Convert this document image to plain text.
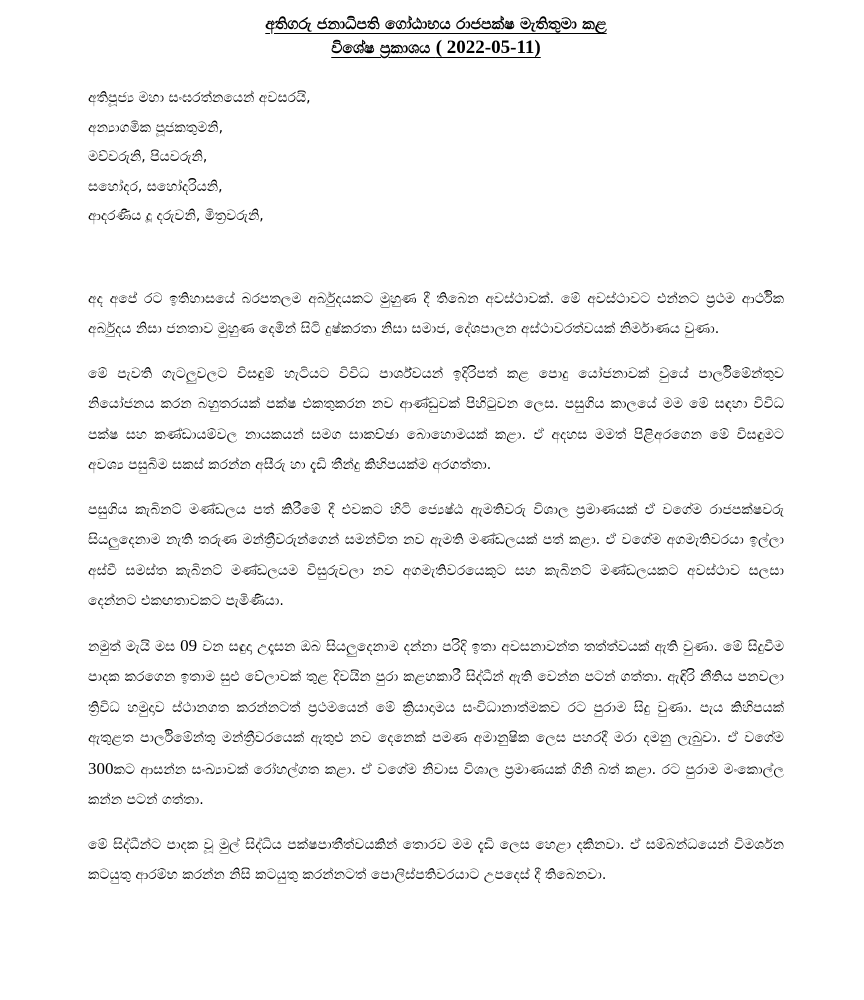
අතිගරු ජනාධිපති ගෝඨාභය රාජපක්ෂ මැතිතුමා කළ
විශේෂ ප්‍රකාශය ( 2022-05-11)
අතිපූජ්‍ය මහා සංඝරත්නයෙන් අවසරයි,
අන්‍යාගමික පූජකතුමනි,
මව්වරුනි, පියවරුනි,
සහෝදර, සහෝදරියනි,
ආදරණීය දූ දරුවනි, මිත්‍රවරුනි,

අද අපේ රට ඉතිහාසයේ බරපතලම අර්බුදයකට මුහුණ දී තිබෙන අවස්ථාවක්. මේ අවස්ථාවට එන්නට ප්‍රථම ආර්ථික අර්බුදය නිසා ජනතාව මුහුණ දෙමින් සිටි දුෂ්කරතා නිසා සමාජ, දේශපාලන අස්ථාවරත්වයක් නිර්මාණය වුණා.

මේ පැවති ගැටලුවලට විසඳුම් හැටියට විවිධ පාර්ශ්වයන් ඉදිරිපත් කළ පොදු යෝජනාවක් වුයේ පාර්ලිමේන්තුව නියෝජනය කරන බහුතරයක් පක්ෂ එකතුකරන නව ආණ්ඩුවක් පිහිටුවන ලෙස. පසුගිය කාලයේ මම මේ සඳහා විවිධ පක්ෂ සහ කණ්ඩායම්වල නායකයන් සමග සාකච්ඡා බොහොමයක් කළා. ඒ අදහස මමත් පිළිඅරගෙන මේ විසඳුමට අවශ්‍ය පසුබිම සකස් කරන්න අසීරු හා දැඩි තීන්දු කිහිපයක්ම අරගත්තා.

පසුගිය කැබිනට් මණ්ඩලය පත් කිරීමේ දී එවකට හිටි ජ්‍යෙෂ්ඨ ඇමතිවරු විශාල ප්‍රමාණයක් ඒ වගේම රාජපක්ෂවරු සියලුදෙනාම නැති තරුණ මන්ත්‍රීවරුන්ගෙන් සමන්විත නව ඇමති මණ්ඩලයක් පත් කළා. ඒ වගේම අගමැතිවරයා ඉල්ලා අස්වී සමස්ත කැබිනට් මණ්ඩලයම විසුරුවලා නව අගමැතිවරයෙකුට සහ කැබිනට් මණ්ඩලයකට අවස්ථාව සලසා දෙන්නට එකඟතාවකට පැමිණියා.

නමුත් මැයි මස 09 වන සඳුදා උදෑසන ඔබ සියලුදෙනාම දන්නා පරිදි ඉතා අවසනාවන්ත තත්ත්වයක් ඇති වුණා. මේ සිදුවීම පාදක කරගෙන ඉතාම සුළු වේලාවක් තුළ දිවයින පුරා කළහකාරී සිද්ධීන් ඇති වෙන්න පටන් ගත්තා. ඇඳිරි නීතිය පනවලා ත්‍රිවිධ හමුදාව ස්ථානගත කරන්නටත් ප්‍රථමයෙන් මේ ක්‍රියාදාමය සංවිධානාත්මකව රට පුරාම සිදු වුණා. පැය කිහිපයක් ඇතුළත පාර්ලිමේන්තු මන්ත්‍රීවරයෙක් ඇතුළු නව දෙනෙක් පමණ අමානුෂික ලෙස පහරදී මරා දමනු ලැබුවා. ඒ වගේම 300කට ආසන්න සංඛ්‍යාවක් රෝහල්ගත කළා. ඒ වගේම නිවාස විශාල ප්‍රමාණයක් ගිනි බත් කළා. රට පුරාම මංකොල්ල කන්න පටන් ගත්තා.

මේ සිද්ධීන්ට පාදක වූ මුල් සිද්ධිය පක්ෂපාතීත්වයකින් තොරව මම දැඩි ලෙස හෙළා දකිනවා. ඒ සම්බන්ධයෙන් විමර්ශන කටයුතු ආරම්භ කරන්න නිසි කටයුතු කරන්නටත් පොලිස්පතිවරයාට උපදෙස් දී තිබෙනවා.
